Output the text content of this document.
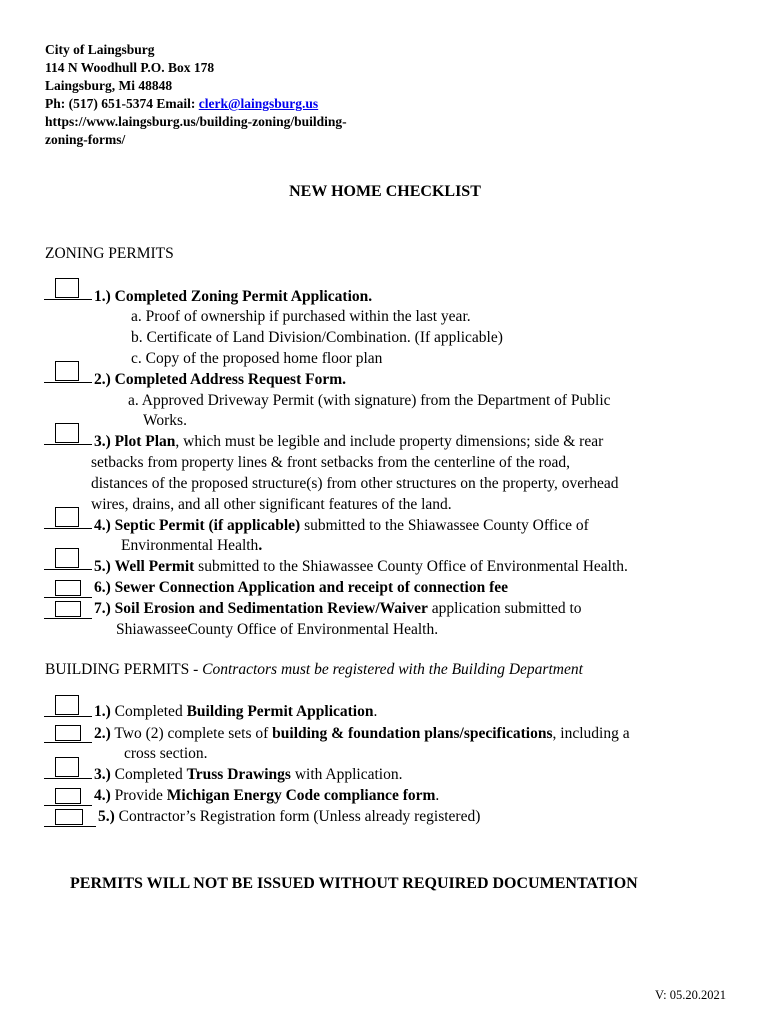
City of Laingsburg
114 N Woodhull P.O. Box 178
Laingsburg, Mi 48848
Ph: (517) 651-5374 Email: clerk@laingsburg.us
https://www.laingsburg.us/building-zoning/building-
zoning-forms/
NEW HOME CHECKLIST
ZONING PERMITS
1.) Completed Zoning Permit Application.
a. Proof of ownership if purchased within the last year.
b. Certificate of Land Division/Combination. (If applicable)
c. Copy of the proposed home floor plan
2.) Completed Address Request Form.
a. Approved Driveway Permit (with signature) from the Department of Public
Works.
3.) Plot Plan, which must be legible and include property dimensions; side & rear
setbacks from property lines & front setbacks from the centerline of the road,
distances of the proposed structure(s) from other structures on the property, overhead
wires, drains, and all other significant features of the land.
4.) Septic Permit (if applicable) submitted to the Shiawassee County Office of
Environmental Health.
5.) Well Permit submitted to the Shiawassee County Office of Environmental Health.
6.) Sewer Connection Application and receipt of connection fee
7.) Soil Erosion and Sedimentation Review/Waiver application submitted to
ShiawasseeCounty Office of Environmental Health.
BUILDING PERMITS - Contractors must be registered with the Building Department
1.) Completed Building Permit Application.
2.) Two (2) complete sets of building & foundation plans/specifications, including a
cross section.
3.) Completed Truss Drawings with Application.
4.) Provide Michigan Energy Code compliance form.
5.) Contractor’s Registration form (Unless already registered)
PERMITS WILL NOT BE ISSUED WITHOUT REQUIRED DOCUMENTATION
V: 05.20.2021
